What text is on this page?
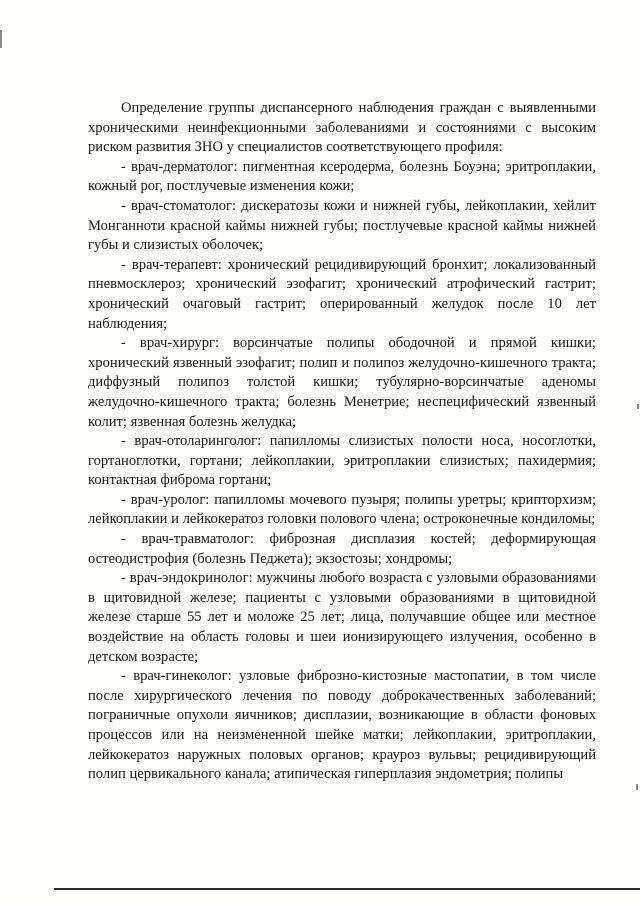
Определение группы диспансерного наблюдения граждан с выявленными хроническими неинфекционными заболеваниями и состояниями с высоким риском развития ЗНО у специалистов соответствующего профиля:

- врач-дерматолог: пигментная ксеродерма, болезнь Боуэна; эритроплакии, кожный рог, постлучевые изменения кожи;

- врач-стоматолог: дискератозы кожи и нижней губы, лейкоплакии, хейлит Монганноти красной каймы нижней губы; постлучевые красной каймы нижней губы и слизистых оболочек;

- врач-терапевт: хронический рецидивирующий бронхит; локализованный пневмосклероз; хронический эзофагит; хронический атрофический гастрит; хронический очаговый гастрит; оперированный желудок после 10 лет наблюдения;

- врач-хирург: ворсинчатые полипы ободочной и прямой кишки; хронический язвенный эзофагит; полип и полипоз желудочно-кишечного тракта; диффузный полипоз толстой кишки; тубулярно-ворсинчатые аденомы желудочно-кишечного тракта; болезнь Менетрие; неспецифический язвенный колит; язвенная болезнь желудка;

- врач-отоларинголог: папилломы слизистых полости носа, носоглотки, гортаноглотки, гортани; лейкоплакии, эритроплакии слизистых; пахидермия; контактная фиброма гортани;

- врач-уролог: папилломы мочевого пузыря; полипы уретры; крипторхизм; лейкоплакии и лейкокератоз головки полового члена; остроконечные кондиломы;

- врач-травматолог: фиброзная дисплазия костей; деформирующая остеодистрофия (болезнь Педжета); экзостозы; хондромы;

- врач-эндокринолог: мужчины любого возраста с узловыми образованиями в щитовидной железе; пациенты с узловыми образованиями в щитовидной железе старше 55 лет и моложе 25 лет; лица, получавшие общее или местное воздействие на область головы и шеи ионизирующего излучения, особенно в детском возрасте;

- врач-гинеколог: узловые фиброзно-кистозные мастопатии, в том числе после хирургического лечения по поводу доброкачественных заболеваний; пограничные опухоли яичников; дисплазии, возникающие в области фоновых процессов или на неизмененной шейке матки; лейкоплакии, эритроплакии, лейкокератоз наружных половых органов; крауроз вульвы; рецидивирующий полип цервикального канала; атипическая гиперплазия эндометрия; полипы
